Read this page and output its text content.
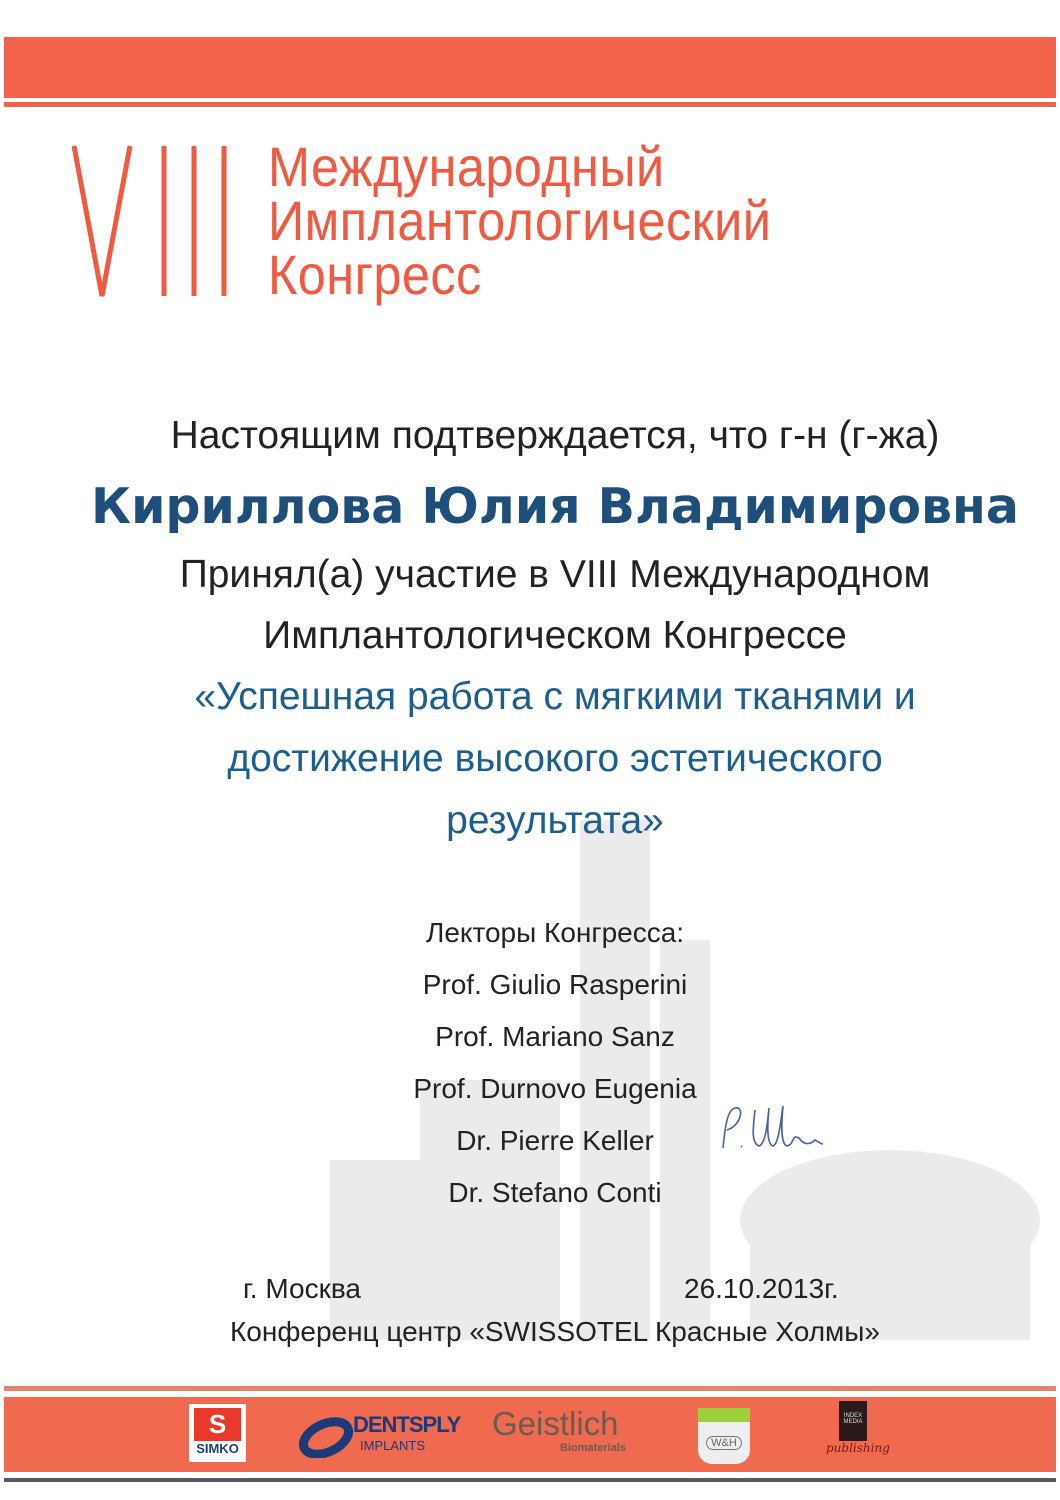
Международный
Имплантологический
Конгресс
Настоящим подтверждается, что г-н (г-жа)
Кириллова Юлия Владимировна
Принял(а) участие в VIII Международном
Имплантологическом Конгрессе
«Успешная работа с мягкими тканями и
достижение высокого эстетического
результата»
Лекторы Конгресса:
Prof. Giulio Rasperini
Prof. Mariano Sanz
Prof. Durnovo Eugenia
Dr. Pierre Keller
Dr. Stefano Conti
г. Москва	26.10.2013г.
Конференц центр «SWISSOTEL Красные Холмы»
S
SIMKO
DENTSPLY
IMPLANTS
Geistlich
Biomaterials	W&H
INDEX MEDIA
publishing
